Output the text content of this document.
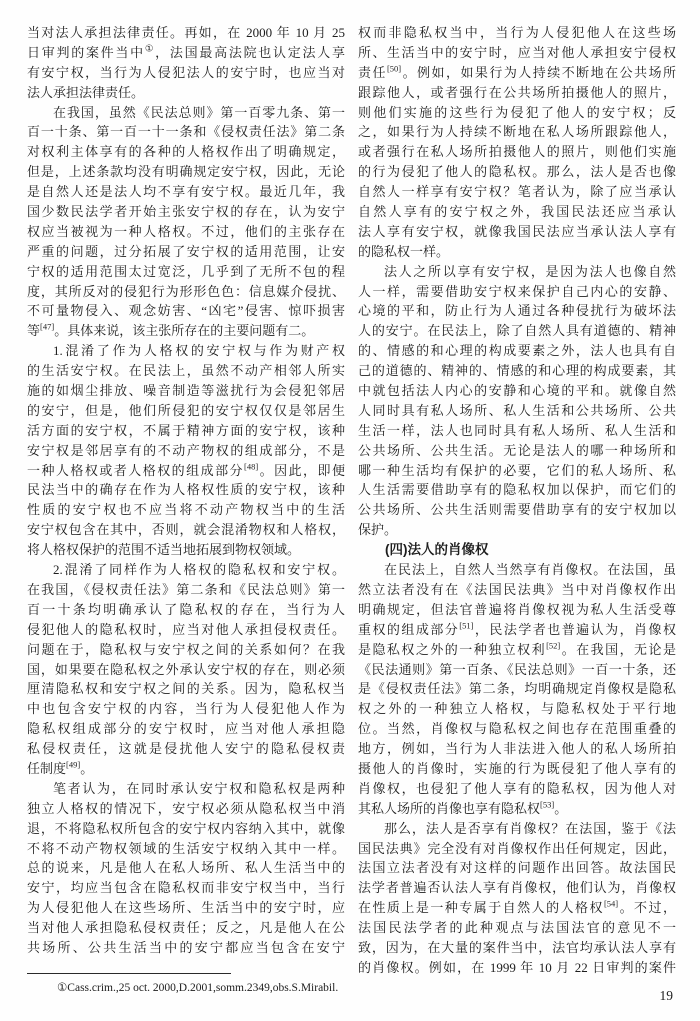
当对法人承担法律责任。再如，在 2000 年 10 月 25
日审判的案件当中①，法国最高法院也认定法人享
有安宁权，当行为人侵犯法人的安宁时，也应当对
法人承担法律责任。
在我国，虽然《民法总则》第一百零九条、第一
百一十条、第一百一十一条和《侵权责任法》第二条
对权利主体享有的各种的人格权作出了明确规定，
但是，上述条款均没有明确规定安宁权，因此，无论
是自然人还是法人均不享有安宁权。最近几年，我
国少数民法学者开始主张安宁权的存在，认为安宁
权应当被视为一种人格权。不过，他们的主张存在
严重的问题，过分拓展了安宁权的适用范围，让安
宁权的适用范围太过宽泛，几乎到了无所不包的程
度，其所反对的侵犯行为形形色色：信息媒介侵扰、
不可量物侵入、观念妨害、“凶宅”侵害、惊吓损害
等[47]。具体来说，该主张所存在的主要问题有二。
1.混淆了作为人格权的安宁权与作为财产权
的生活安宁权。在民法上，虽然不动产相邻人所实
施的如烟尘排放、噪音制造等滋扰行为会侵犯邻居
的安宁，但是，他们所侵犯的安宁权仅仅是邻居生
活方面的安宁权，不属于精神方面的安宁权，该种
安宁权是邻居享有的不动产物权的组成部分，不是
一种人格权或者人格权的组成部分[48]。因此，即便
民法当中的确存在作为人格权性质的安宁权，该种
性质的安宁权也不应当将不动产物权当中的生活
安宁权包含在其中，否则，就会混淆物权和人格权，
将人格权保护的范围不适当地拓展到物权领域。
2.混淆了同样作为人格权的隐私权和安宁权。
在我国，《侵权责任法》第二条和《民法总则》第一
百一十条均明确承认了隐私权的存在，当行为人
侵犯他人的隐私权时，应当对他人承担侵权责任。
问题在于，隐私权与安宁权之间的关系如何？在我
国，如果要在隐私权之外承认安宁权的存在，则必须
厘清隐私权和安宁权之间的关系。因为，隐私权当
中也包含安宁权的内容，当行为人侵犯他人作为
隐私权组成部分的安宁权时，应当对他人承担隐
私侵权责任，这就是侵扰他人安宁的隐私侵权责
任制度[49]。
笔者认为，在同时承认安宁权和隐私权是两种
独立人格权的情况下，安宁权必须从隐私权当中消
退，不将隐私权所包含的安宁权内容纳入其中，就像
不将不动产物权领域的生活安宁权纳入其中一样。
总的说来，凡是他人在私人场所、私人生活当中的
安宁，均应当包含在隐私权而非安宁权当中，当行
为人侵犯他人在这些场所、生活当中的安宁时，应
当对他人承担隐私侵权责任；反之，凡是他人在公
共场所、公共生活当中的安宁都应当包含在安宁
权而非隐私权当中，当行为人侵犯他人在这些场
所、生活当中的安宁时，应当对他人承担安宁侵权
责任[50]。例如，如果行为人持续不断地在公共场所
跟踪他人，或者强行在公共场所拍摄他人的照片，
则他们实施的这些行为侵犯了他人的安宁权；反
之，如果行为人持续不断地在私人场所跟踪他人，
或者强行在私人场所拍摄他人的照片，则他们实施
的行为侵犯了他人的隐私权。那么，法人是否也像
自然人一样享有安宁权？笔者认为，除了应当承认
自然人享有的安宁权之外，我国民法还应当承认
法人享有安宁权，就像我国民法应当承认法人享有
的隐私权一样。
法人之所以享有安宁权，是因为法人也像自然
人一样，需要借助安宁权来保护自己内心的安静、
心境的平和，防止行为人通过各种侵扰行为破坏法
人的安宁。在民法上，除了自然人具有道德的、精神
的、情感的和心理的构成要素之外，法人也具有自
己的道德的、精神的、情感的和心理的构成要素，其
中就包括法人内心的安静和心境的平和。就像自然
人同时具有私人场所、私人生活和公共场所、公共
生活一样，法人也同时具有私人场所、私人生活和
公共场所、公共生活。无论是法人的哪一种场所和
哪一种生活均有保护的必要，它们的私人场所、私
人生活需要借助享有的隐私权加以保护，而它们的
公共场所、公共生活则需要借助享有的安宁权加以
保护。
(四)法人的肖像权
在民法上，自然人当然享有肖像权。在法国，虽
然立法者没有在《法国民法典》当中对肖像权作出
明确规定，但法官普遍将肖像权视为私人生活受尊
重权的组成部分[51]，民法学者也普遍认为，肖像权
是隐私权之外的一种独立权利[52]。在我国，无论是
《民法通则》第一百条、《民法总则》一百一十条，还
是《侵权责任法》第二条，均明确规定肖像权是隐私
权之外的一种独立人格权，与隐私权处于平行地
位。当然，肖像权与隐私权之间也存在范围重叠的
地方，例如，当行为人非法进入他人的私人场所拍
摄他人的肖像时，实施的行为既侵犯了他人享有的
肖像权，也侵犯了他人享有的隐私权，因为他人对
其私人场所的肖像也享有隐私权[53]。
那么，法人是否享有肖像权？在法国，鉴于《法
国民法典》完全没有对肖像权作出任何规定，因此，
法国立法者没有对这样的问题作出回答。故法国民
法学者普遍否认法人享有肖像权，他们认为，肖像权
在性质上是一种专属于自然人的人格权[54]。不过，
法国民法学者的此种观点与法国法官的意见不一
致，因为，在大量的案件当中，法官均承认法人享有
的肖像权。例如，在 1999 年 10 月 22 日审判的案件
①Cass.crim.,25 oct. 2000,D.2001,somm.2349,obs.S.Mirabil.	19
